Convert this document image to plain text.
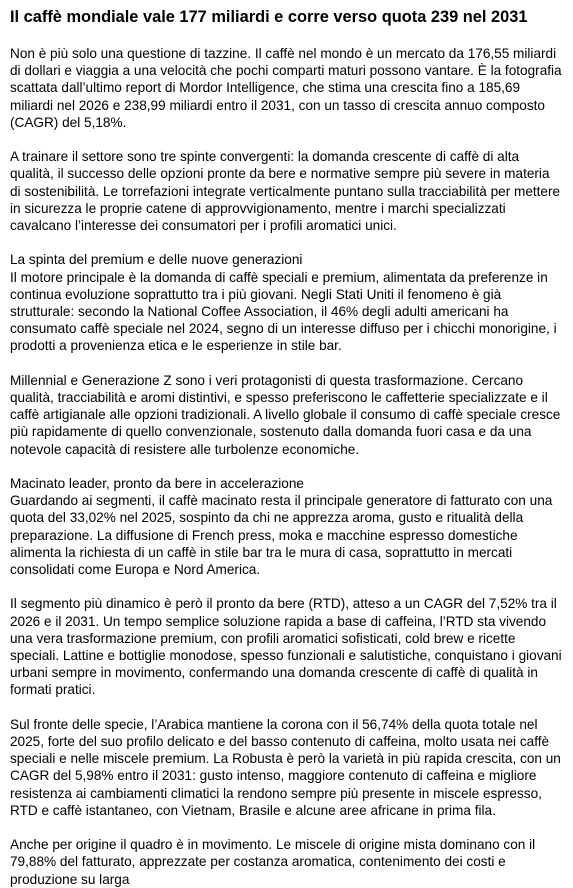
Il caffè mondiale vale 177 miliardi e corre verso quota 239 nel 2031

Non è più solo una questione di tazzine. Il caffè nel mondo è un mercato da 176,55 miliardi di dollari e viaggia a una velocità che pochi comparti maturi possono vantare. È la fotografia scattata dall’ultimo report di Mordor Intelligence, che stima una crescita fino a 185,69 miliardi nel 2026 e 238,99 miliardi entro il 2031, con un tasso di crescita annuo composto (CAGR) del 5,18%.

A trainare il settore sono tre spinte convergenti: la domanda crescente di caffè di alta qualità, il successo delle opzioni pronte da bere e normative sempre più severe in materia di sostenibilità. Le torrefazioni integrate verticalmente puntano sulla tracciabilità per mettere in sicurezza le proprie catene di approvvigionamento, mentre i marchi specializzati cavalcano l’interesse dei consumatori per i profili aromatici unici.

La spinta del premium e delle nuove generazioni
Il motore principale è la domanda di caffè speciali e premium, alimentata da preferenze in continua evoluzione soprattutto tra i più giovani. Negli Stati Uniti il fenomeno è già strutturale: secondo la National Coffee Association, il 46% degli adulti americani ha consumato caffè speciale nel 2024, segno di un interesse diffuso per i chicchi monorigine, i prodotti a provenienza etica e le esperienze in stile bar.

Millennial e Generazione Z sono i veri protagonisti di questa trasformazione. Cercano qualità, tracciabilità e aromi distintivi, e spesso preferiscono le caffetterie specializzate e il caffè artigianale alle opzioni tradizionali. A livello globale il consumo di caffè speciale cresce più rapidamente di quello convenzionale, sostenuto dalla domanda fuori casa e da una notevole capacità di resistere alle turbolenze economiche.

Macinato leader, pronto da bere in accelerazione
Guardando ai segmenti, il caffè macinato resta il principale generatore di fatturato con una quota del 33,02% nel 2025, sospinto da chi ne apprezza aroma, gusto e ritualità della preparazione. La diffusione di French press, moka e macchine espresso domestiche alimenta la richiesta di un caffè in stile bar tra le mura di casa, soprattutto in mercati consolidati come Europa e Nord America.

Il segmento più dinamico è però il pronto da bere (RTD), atteso a un CAGR del 7,52% tra il 2026 e il 2031. Un tempo semplice soluzione rapida a base di caffeina, l’RTD sta vivendo una vera trasformazione premium, con profili aromatici sofisticati, cold brew e ricette speciali. Lattine e bottiglie monodose, spesso funzionali e salutistiche, conquistano i giovani urbani sempre in movimento, confermando una domanda crescente di caffè di qualità in formati pratici.

Sul fronte delle specie, l’Arabica mantiene la corona con il 56,74% della quota totale nel 2025, forte del suo profilo delicato e del basso contenuto di caffeina, molto usata nei caffè speciali e nelle miscele premium. La Robusta è però la varietà in più rapida crescita, con un CAGR del 5,98% entro il 2031: gusto intenso, maggiore contenuto di caffeina e migliore resistenza ai cambiamenti climatici la rendono sempre più presente in miscele espresso, RTD e caffè istantaneo, con Vietnam, Brasile e alcune aree africane in prima fila.

Anche per origine il quadro è in movimento. Le miscele di origine mista dominano con il 79,88% del fatturato, apprezzate per costanza aromatica, contenimento dei costi e produzione su larga
